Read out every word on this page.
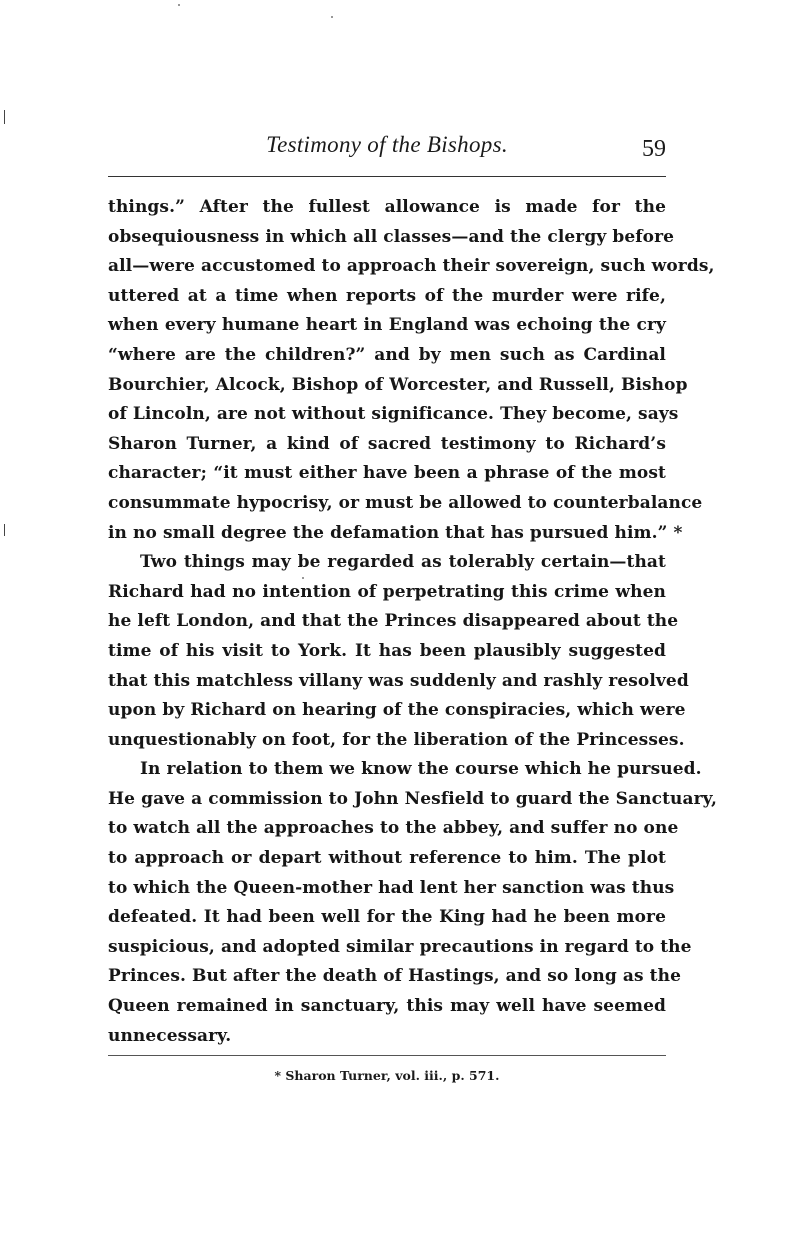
Testimony of the Bishops.	59
things.” After the fullest allowance is made for the
obsequiousness in which all classes—and the clergy before
all—were accustomed to approach their sovereign, such words,
uttered at a time when reports of the murder were rife,
when every humane heart in England was echoing the cry
“where are the children?” and by men such as Cardinal
Bourchier, Alcock, Bishop of Worcester, and Russell, Bishop
of Lincoln, are not without significance. They become, says
Sharon Turner, a kind of sacred testimony to Richard’s
character; “it must either have been a phrase of the most
consummate hypocrisy, or must be allowed to counterbalance
in no small degree the defamation that has pursued him.” *
Two things may be regarded as tolerably certain—that
Richard had no intention of perpetrating this crime when
he left London, and that the Princes disappeared about the
time of his visit to York. It has been plausibly suggested
that this matchless villany was suddenly and rashly resolved
upon by Richard on hearing of the conspiracies, which were
unquestionably on foot, for the liberation of the Princesses.
In relation to them we know the course which he pursued.
He gave a commission to John Nesfield to guard the Sanctuary,
to watch all the approaches to the abbey, and suffer no one
to approach or depart without reference to him. The plot
to which the Queen-mother had lent her sanction was thus
defeated. It had been well for the King had he been more
suspicious, and adopted similar precautions in regard to the
Princes. But after the death of Hastings, and so long as the
Queen remained in sanctuary, this may well have seemed
unnecessary.
* Sharon Turner, vol. iii., p. 571.
